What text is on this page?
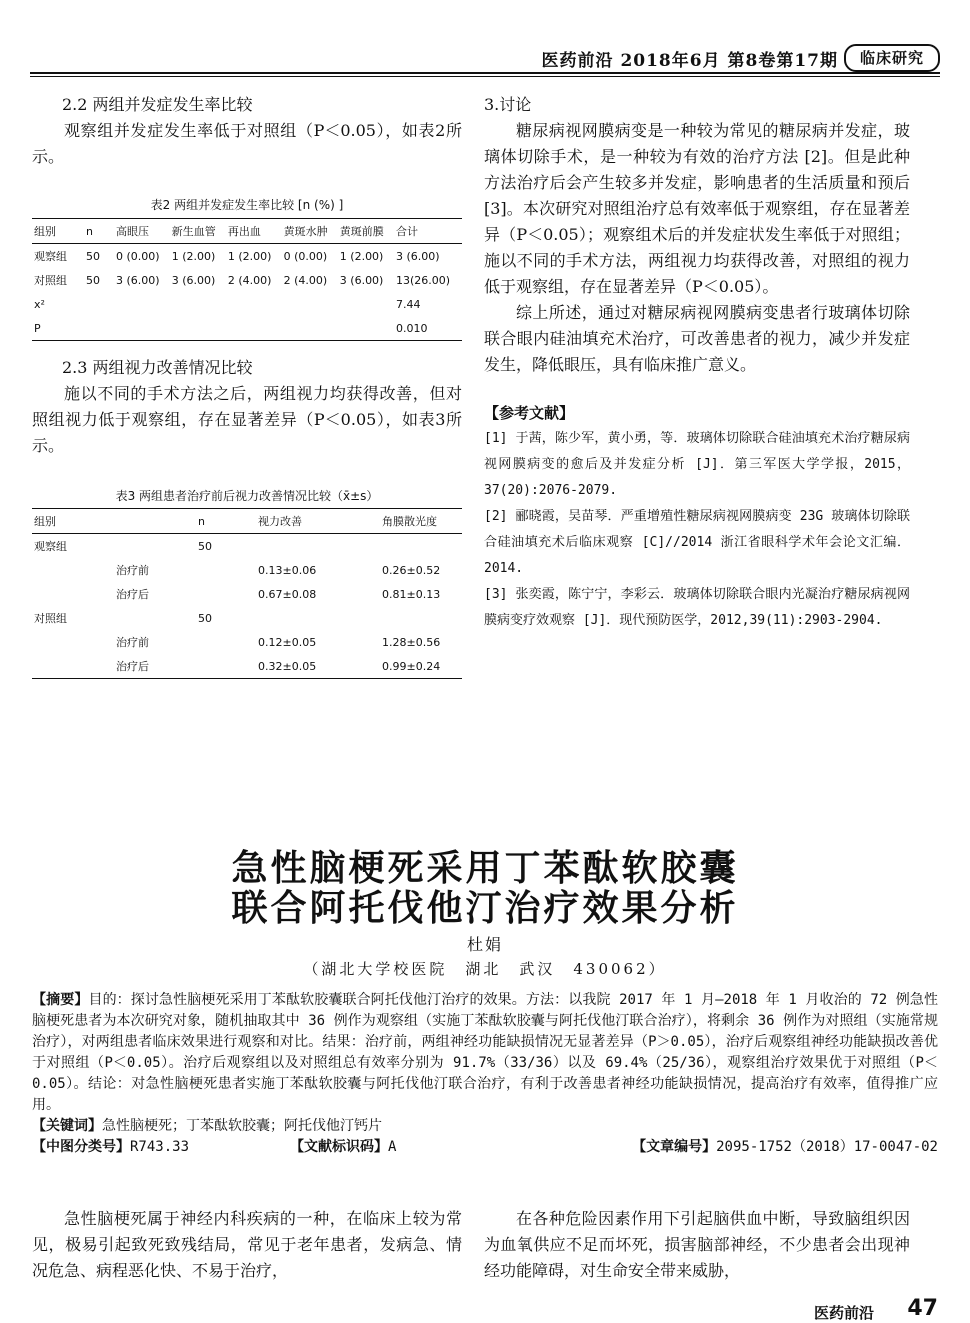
医药前沿 2018年6月 第8卷第17期	临床研究
2.2 两组并发症发生率比较
观察组并发症发生率低于对照组（P＜0.05），如表2所示。
表2 两组并发症发生率比较 [n (%) ]
组别	n	高眼压	新生血管	再出血	黄斑水肿	黄斑前膜	合计
观察组	50	0 (0.00)	1 (2.00)	1 (2.00)	0 (0.00)	1 (2.00)	3 (6.00)
对照组	50	3 (6.00)	3 (6.00)	2 (4.00)	2 (4.00)	3 (6.00)	13(26.00)
x²							7.44
P							0.010
2.3 两组视力改善情况比较
施以不同的手术方法之后，两组视力均获得改善，但对照组视力低于观察组，存在显著差异（P＜0.05），如表3所示。
表3 两组患者治疗前后视力改善情况比较（x̄±s）
组别		n	视力改善	角膜散光度
观察组		50		
	治疗前		0.13±0.06	0.26±0.52
	治疗后		0.67±0.08	0.81±0.13
对照组		50		
	治疗前		0.12±0.05	1.28±0.56
	治疗后		0.32±0.05	0.99±0.24
3.讨论
糖尿病视网膜病变是一种较为常见的糖尿病并发症，玻璃体切除手术，是一种较为有效的治疗方法 [2]。但是此种方法治疗后会产生较多并发症，影响患者的生活质量和预后 [3]。本次研究对照组治疗总有效率低于观察组，存在显著差异（P＜0.05）；观察组术后的并发症状发生率低于对照组；施以不同的手术方法，两组视力均获得改善，对照组的视力低于观察组，存在显著差异（P＜0.05）。
综上所述，通过对糖尿病视网膜病变患者行玻璃体切除联合眼内硅油填充术治疗，可改善患者的视力，减少并发症发生，降低眼压，具有临床推广意义。
【参考文献】
[1] 于茜，陈少军，黄小勇，等．玻璃体切除联合硅油填充术治疗糖尿病视网膜病变的愈后及并发症分析 [J]．第三军医大学学报，2015，37(20):2076-2079.
[2] 郦晓霞，吴苗琴．严重增殖性糖尿病视网膜病变 23G 玻璃体切除联合硅油填充术后临床观察 [C]//2014 浙江省眼科学术年会论文汇编．2014.
[3] 张奕霞，陈宁宁，李彩云．玻璃体切除联合眼内光凝治疗糖尿病视网膜病变疗效观察 [J]．现代预防医学，2012,39(11):2903-2904.
急性脑梗死采用丁苯酞软胶囊
联合阿托伐他汀治疗效果分析
杜娟
（湖北大学校医院　湖北　武汉　430062）
【摘要】目的：探讨急性脑梗死采用丁苯酞软胶囊联合阿托伐他汀治疗的效果。方法：以我院 2017 年 1 月—2018 年 1 月收治的 72 例急性脑梗死患者为本次研究对象，随机抽取其中 36 例作为观察组（实施丁苯酞软胶囊与阿托伐他汀联合治疗），将剩余 36 例作为对照组（实施常规治疗），对两组患者临床效果进行观察和对比。结果：治疗前，两组神经功能缺损情况无显著差异（P＞0.05），治疗后观察组神经功能缺损改善优于对照组（P＜0.05）。治疗后观察组以及对照组总有效率分别为 91.7%（33/36）以及 69.4%（25/36），观察组治疗效果优于对照组（P＜0.05）。结论：对急性脑梗死患者实施丁苯酞软胶囊与阿托伐他汀联合治疗，有利于改善患者神经功能缺损情况，提高治疗有效率，值得推广应用。
【关键词】急性脑梗死；丁苯酞软胶囊；阿托伐他汀钙片
【中图分类号】R743.33	【文献标识码】A	【文章编号】2095-1752（2018）17-0047-02
急性脑梗死属于神经内科疾病的一种，在临床上较为常见，极易引起致死致残结局，常见于老年患者，发病急、情况危急、病程恶化快、不易于治疗，
在各种危险因素作用下引起脑供血中断，导致脑组织因为血氧供应不足而坏死，损害脑部神经，不少患者会出现神经功能障碍，对生命安全带来威胁，
医药前沿 47
